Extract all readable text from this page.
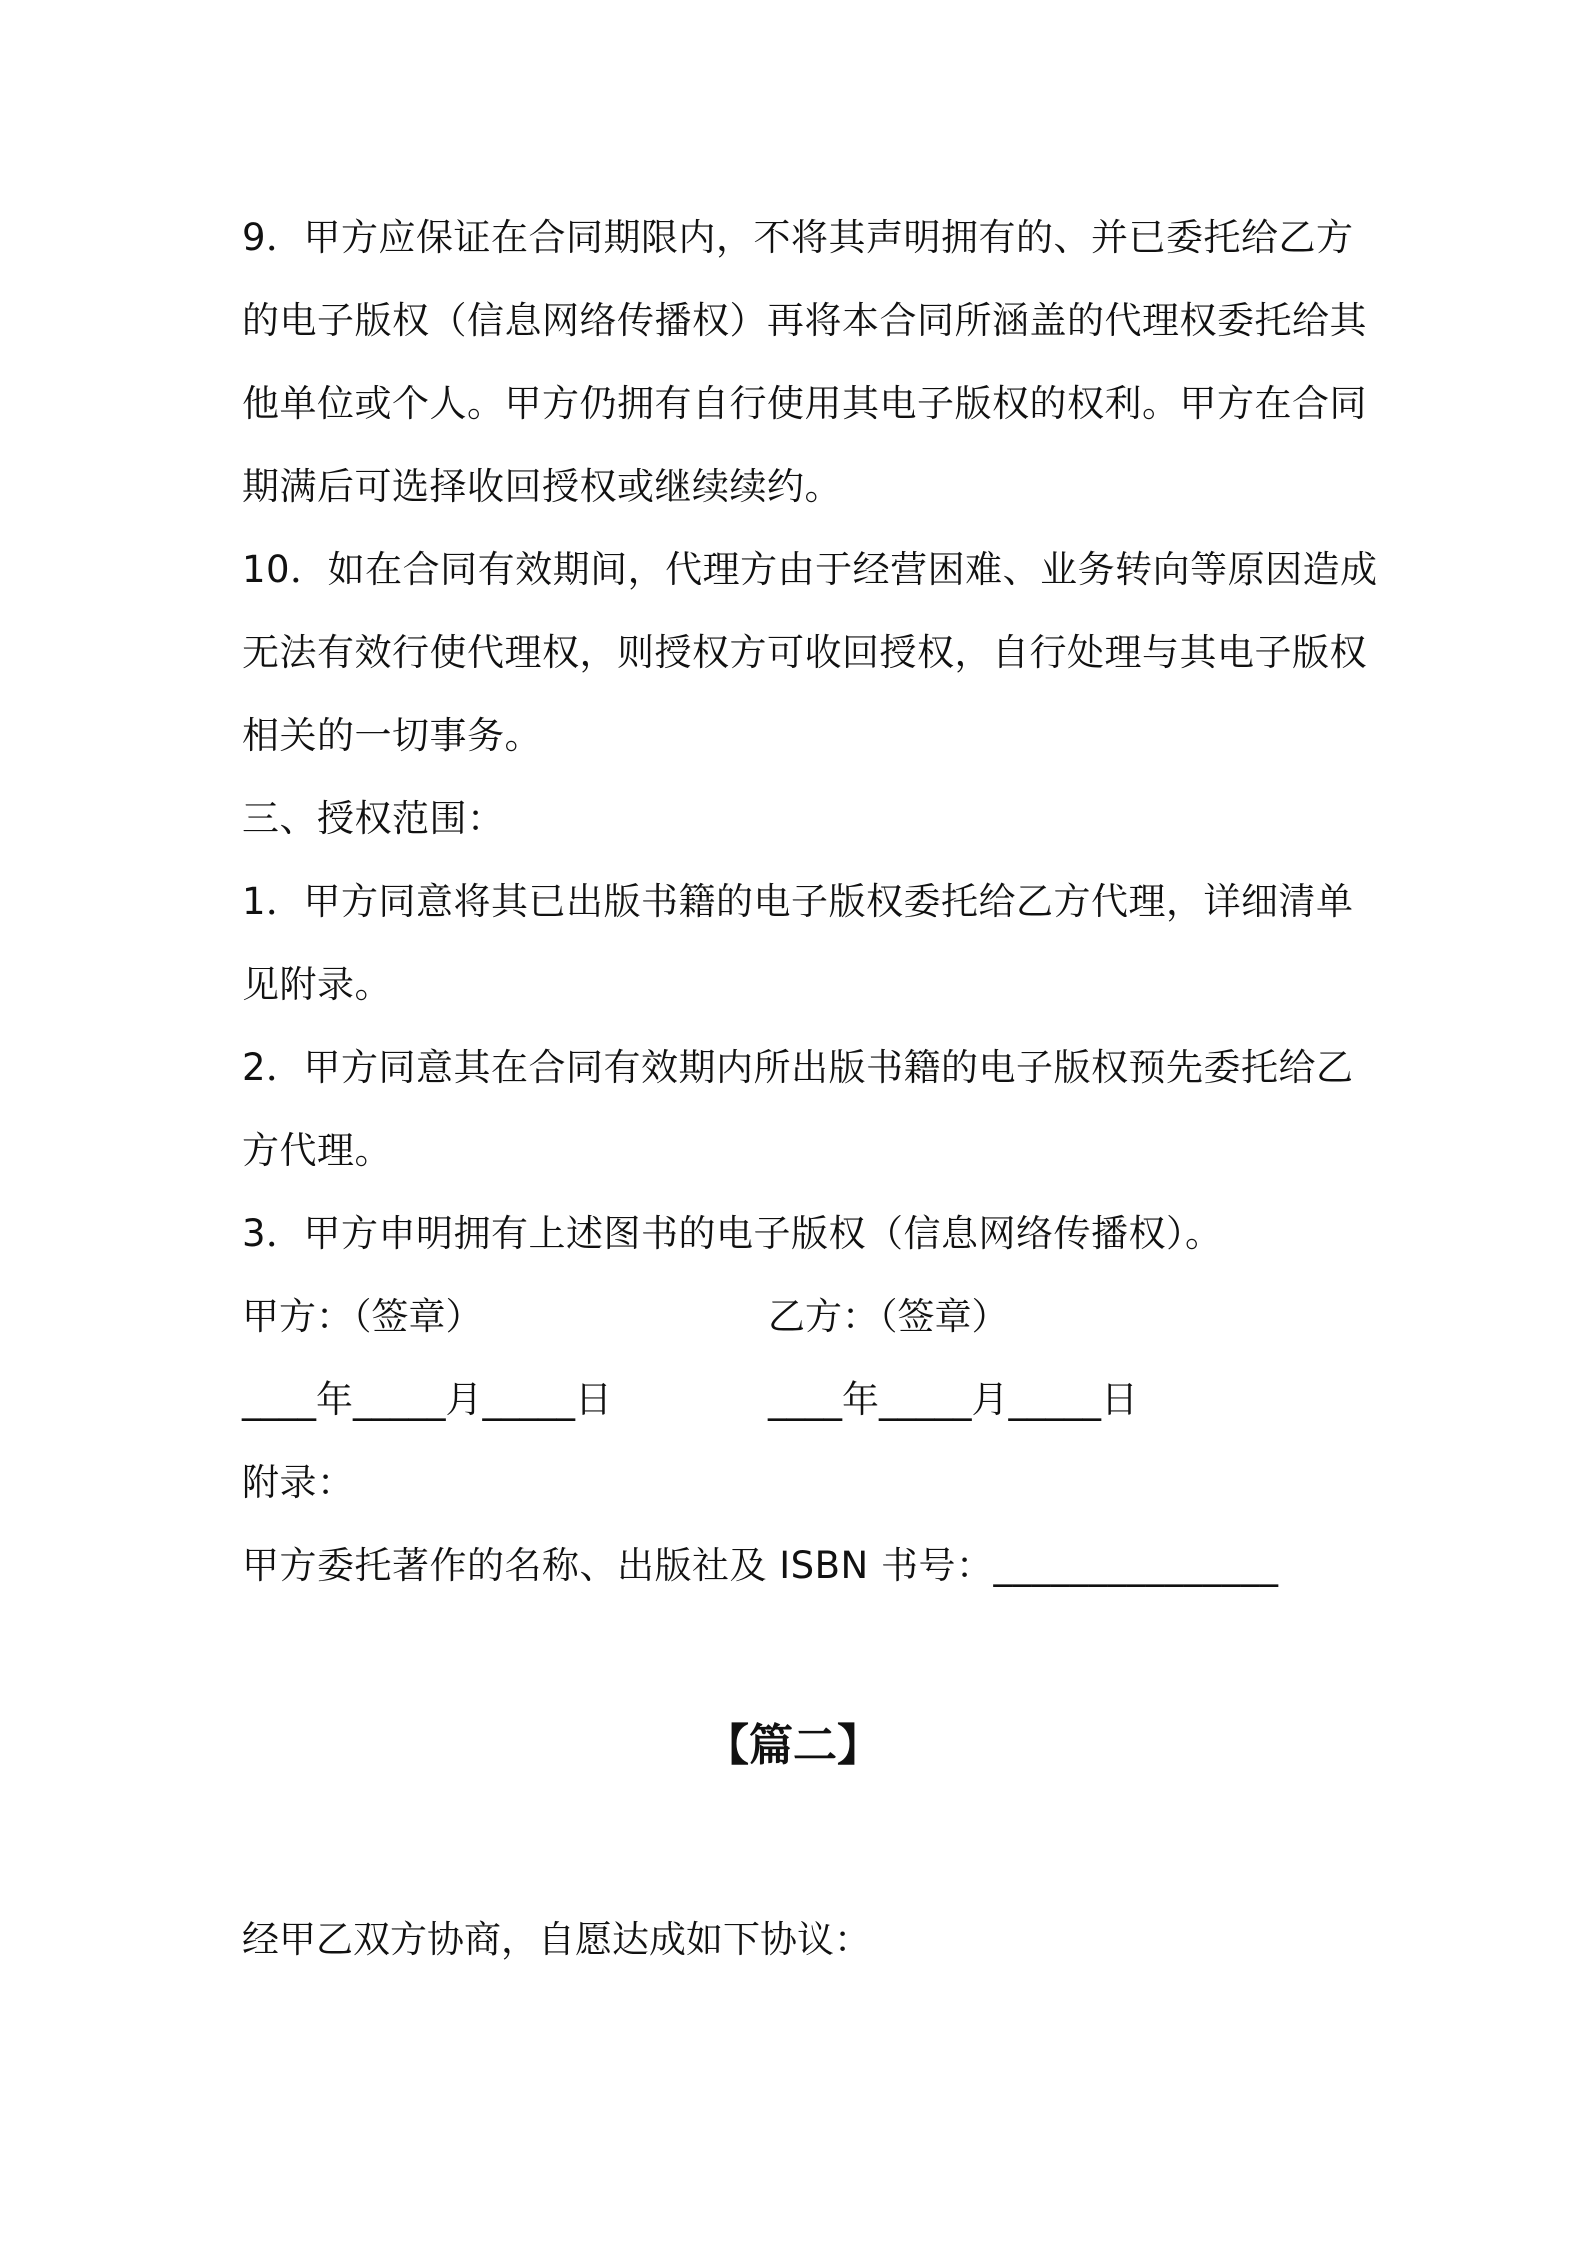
9．甲方应保证在合同期限内，不将其声明拥有的、并已委托给乙方
的电子版权（信息网络传播权）再将本合同所涵盖的代理权委托给其
他单位或个人。甲方仍拥有自行使用其电子版权的权利。甲方在合同
期满后可选择收回授权或继续续约。
10．如在合同有效期间，代理方由于经营困难、业务转向等原因造成
无法有效行使代理权，则授权方可收回授权，自行处理与其电子版权
相关的一切事务。
三、授权范围：
1．甲方同意将其已出版书籍的电子版权委托给乙方代理，详细清单
见附录。
2．甲方同意其在合同有效期内所出版书籍的电子版权预先委托给乙
方代理。
3．甲方申明拥有上述图书的电子版权（信息网络传播权）。
甲方：（签章）	乙方：（签章）
____年_____月_____日	____年_____月_____日
附录：
甲方委托著作的名称、出版社及 ISBN 书号：_______________
【篇二】
经甲乙双方协商，自愿达成如下协议：
